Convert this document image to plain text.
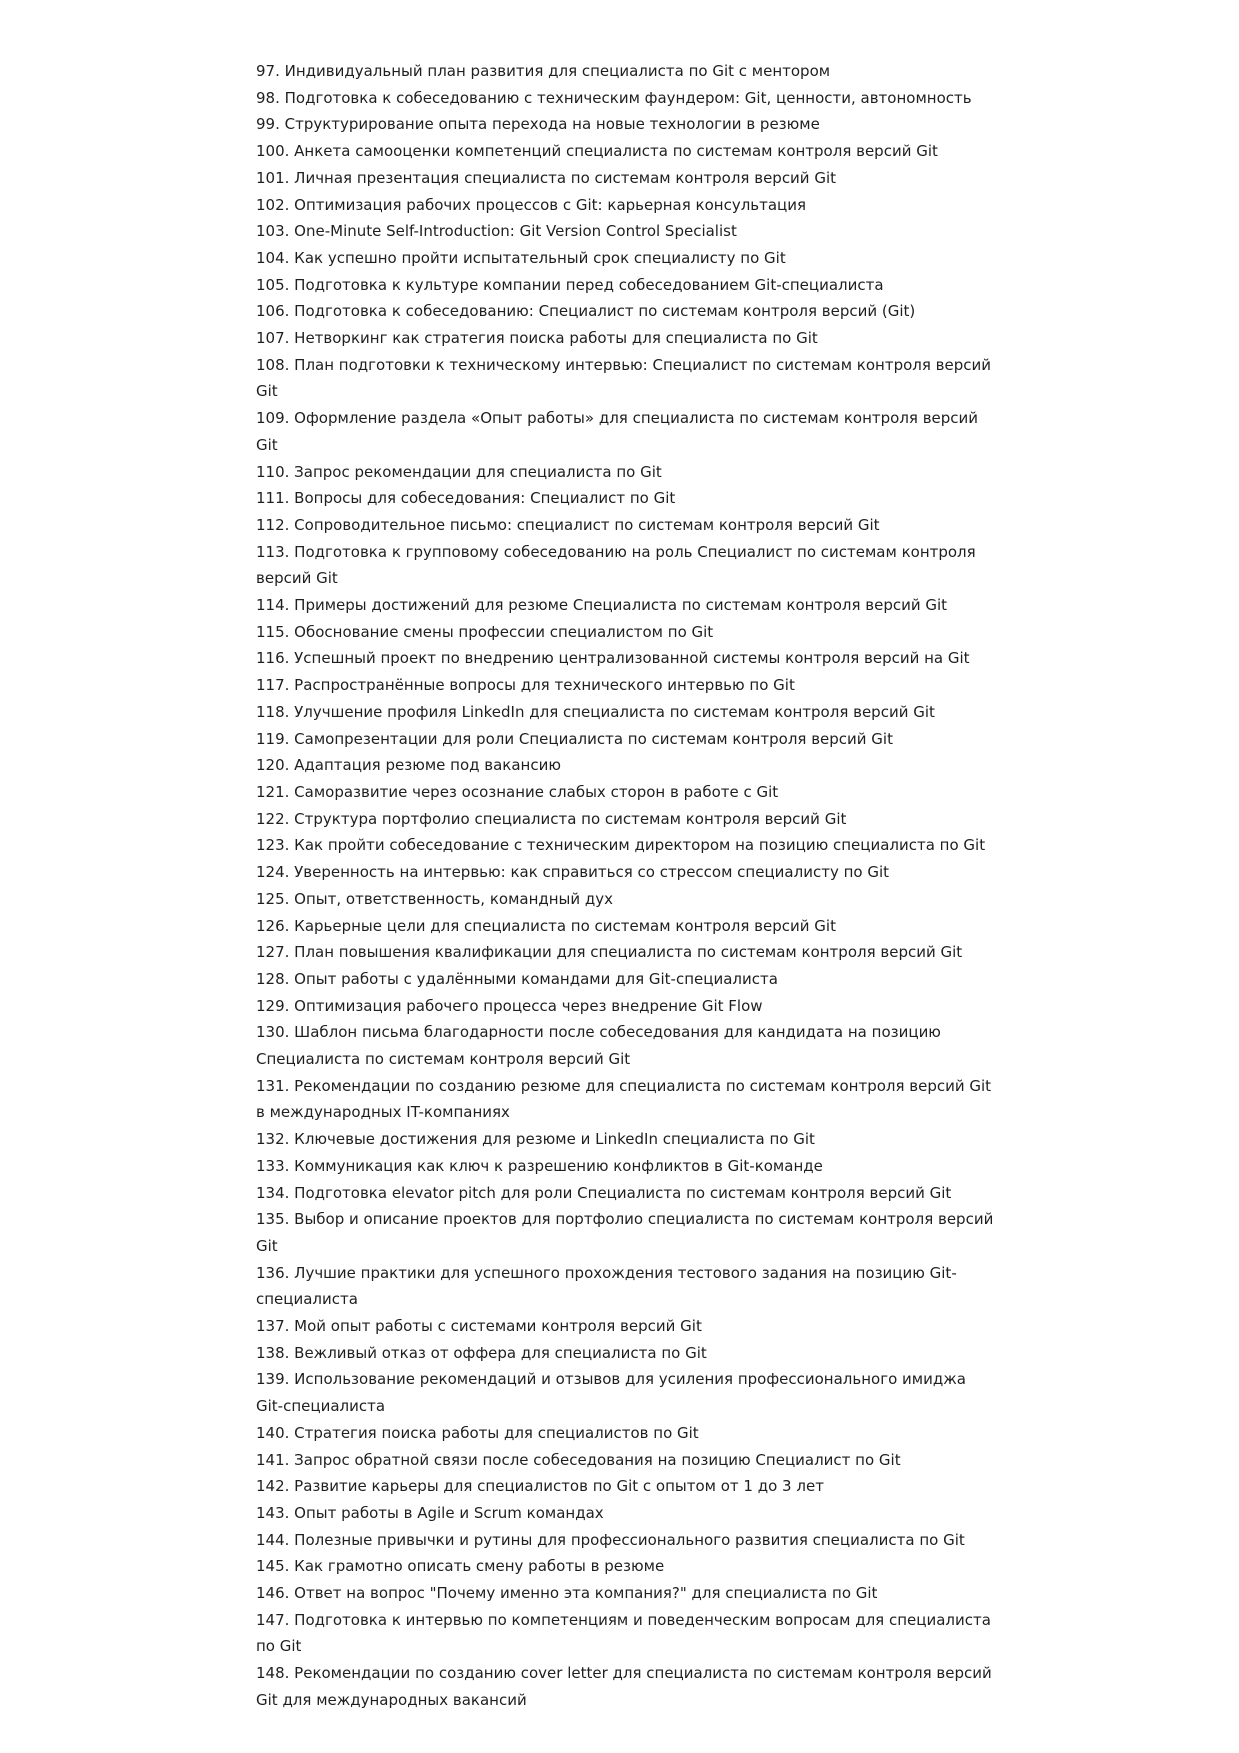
97. Индивидуальный план развития для специалиста по Git с ментором
98. Подготовка к собеседованию с техническим фаундером: Git, ценности, автономность
99. Структурирование опыта перехода на новые технологии в резюме
100. Анкета самооценки компетенций специалиста по системам контроля версий Git
101. Личная презентация специалиста по системам контроля версий Git
102. Оптимизация рабочих процессов с Git: карьерная консультация
103. One-Minute Self-Introduction: Git Version Control Specialist
104. Как успешно пройти испытательный срок специалисту по Git
105. Подготовка к культуре компании перед собеседованием Git-специалиста
106. Подготовка к собеседованию: Специалист по системам контроля версий (Git)
107. Нетворкинг как стратегия поиска работы для специалиста по Git
108. План подготовки к техническому интервью: Специалист по системам контроля версий Git
109. Оформление раздела «Опыт работы» для специалиста по системам контроля версий Git
110. Запрос рекомендации для специалиста по Git
111. Вопросы для собеседования: Специалист по Git
112. Сопроводительное письмо: специалист по системам контроля версий Git
113. Подготовка к групповому собеседованию на роль Специалист по системам контроля версий Git
114. Примеры достижений для резюме Специалиста по системам контроля версий Git
115. Обоснование смены профессии специалистом по Git
116. Успешный проект по внедрению централизованной системы контроля версий на Git
117. Распространённые вопросы для технического интервью по Git
118. Улучшение профиля LinkedIn для специалиста по системам контроля версий Git
119. Самопрезентации для роли Специалиста по системам контроля версий Git
120. Адаптация резюме под вакансию
121. Саморазвитие через осознание слабых сторон в работе с Git
122. Структура портфолио специалиста по системам контроля версий Git
123. Как пройти собеседование с техническим директором на позицию специалиста по Git
124. Уверенность на интервью: как справиться со стрессом специалисту по Git
125. Опыт, ответственность, командный дух
126. Карьерные цели для специалиста по системам контроля версий Git
127. План повышения квалификации для специалиста по системам контроля версий Git
128. Опыт работы с удалёнными командами для Git-специалиста
129. Оптимизация рабочего процесса через внедрение Git Flow
130. Шаблон письма благодарности после собеседования для кандидата на позицию Специалиста по системам контроля версий Git
131. Рекомендации по созданию резюме для специалиста по системам контроля версий Git в международных IT-компаниях
132. Ключевые достижения для резюме и LinkedIn специалиста по Git
133. Коммуникация как ключ к разрешению конфликтов в Git-команде
134. Подготовка elevator pitch для роли Специалиста по системам контроля версий Git
135. Выбор и описание проектов для портфолио специалиста по системам контроля версий Git
136. Лучшие практики для успешного прохождения тестового задания на позицию Git-специалиста
137. Мой опыт работы с системами контроля версий Git
138. Вежливый отказ от оффера для специалиста по Git
139. Использование рекомендаций и отзывов для усиления профессионального имиджа Git-специалиста
140. Стратегия поиска работы для специалистов по Git
141. Запрос обратной связи после собеседования на позицию Специалист по Git
142. Развитие карьеры для специалистов по Git с опытом от 1 до 3 лет
143. Опыт работы в Agile и Scrum командах
144. Полезные привычки и рутины для профессионального развития специалиста по Git
145. Как грамотно описать смену работы в резюме
146. Ответ на вопрос "Почему именно эта компания?" для специалиста по Git
147. Подготовка к интервью по компетенциям и поведенческим вопросам для специалиста по Git
148. Рекомендации по созданию cover letter для специалиста по системам контроля версий Git для международных вакансий
